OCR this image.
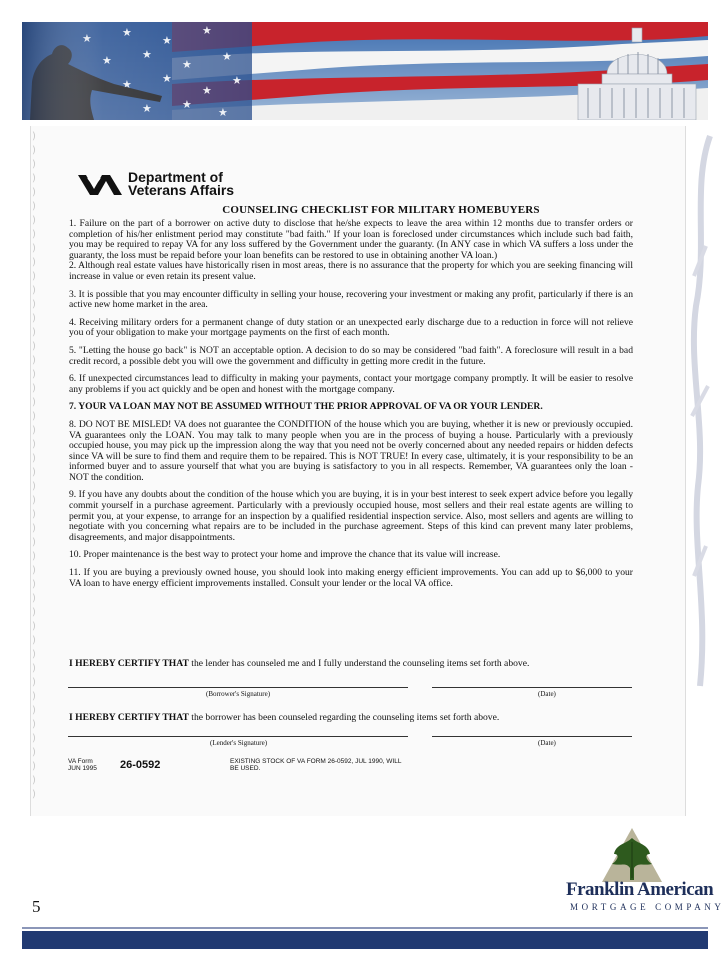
)
)
)
)
)
)
)
)
)
)
)
)
)
)
)
)
)
)
)
)
)
)
)
)
)
)
)
)
)
)
)
)
)
)
)
)
)
)
)
)
)
)
)
)
)
)
)
)
Department of
Veterans Affairs
COUNSELING CHECKLIST FOR MILITARY HOMEBUYERS

1. Failure on the part of a borrower on active duty to disclose that he/she expects to leave the area within 12 months due to transfer orders or completion of his/her enlistment period may constitute "bad faith." If your loan is foreclosed under circumstances which include such bad faith, you may be required to repay VA for any loss suffered by the Government under the guaranty. (In ANY case in which VA suffers a loss under the guaranty, the loss must be repaid before your loan benefits can be restored to use in obtaining another VA loan.)

2. Although real estate values have historically risen in most areas, there is no assurance that the property for which you are seeking financing will increase in value or even retain its present value.

3. It is possible that you may encounter difficulty in selling your house, recovering your investment or making any profit, particularly if there is an active new home market in the area.

4. Receiving military orders for a permanent change of duty station or an unexpected early discharge due to a reduction in force will not relieve you of your obligation to make your mortgage payments on the first of each month.

5. "Letting the house go back" is NOT an acceptable option. A decision to do so may be considered "bad faith". A foreclosure will result in a bad credit record, a possible debt you will owe the government and difficulty in getting more credit in the future.

6. If unexpected circumstances lead to difficulty in making your payments, contact your mortgage company promptly. It will be easier to resolve any problems if you act quickly and be open and honest with the mortgage company.

7. YOUR VA LOAN MAY NOT BE ASSUMED WITHOUT THE PRIOR APPROVAL OF VA OR YOUR LENDER.

8. DO NOT BE MISLED! VA does not guarantee the CONDITION of the house which you are buying, whether it is new or previously occupied. VA guarantees only the LOAN. You may talk to many people when you are in the process of buying a house. Particularly with a previously occupied house, you may pick up the impression along the way that you need not be overly concerned about any needed repairs or hidden defects since VA will be sure to find them and require them to be repaired. This is NOT TRUE! In every case, ultimately, it is your responsibility to be an informed buyer and to assure yourself that what you are buying is satisfactory to you in all respects. Remember, VA guarantees only the loan - NOT the condition.

9. If you have any doubts about the condition of the house which you are buying, it is in your best interest to seek expert advice before you legally commit yourself in a purchase agreement. Particularly with a previously occupied house, most sellers and their real estate agents are willing to permit you, at your expense, to arrange for an inspection by a qualified residential inspection service. Also, most sellers and agents are willing to negotiate with you concerning what repairs are to be included in the purchase agreement. Steps of this kind can prevent many later problems, disagreements, and major disappointments.

10. Proper maintenance is the best way to protect your home and improve the chance that its value will increase.

11. If you are buying a previously owned house, you should look into making energy efficient improvements. You can add up to $6,000 to your VA loan to have energy efficient improvements installed. Consult your lender or the local VA office.

I HEREBY CERTIFY THAT the lender has counseled me and I fully understand the counseling items set forth above.
(Borrower's Signature)	(Date)
I HEREBY CERTIFY THAT the borrower has been counseled regarding the counseling items set forth above.
(Lender's Signature)	(Date)
VA Form
JUN 1995 26-0592	EXISTING STOCK OF VA FORM 26-0592, JUL 1990, WILL
BE USED.
5
Franklin American
MORTGAGE COMPANY
